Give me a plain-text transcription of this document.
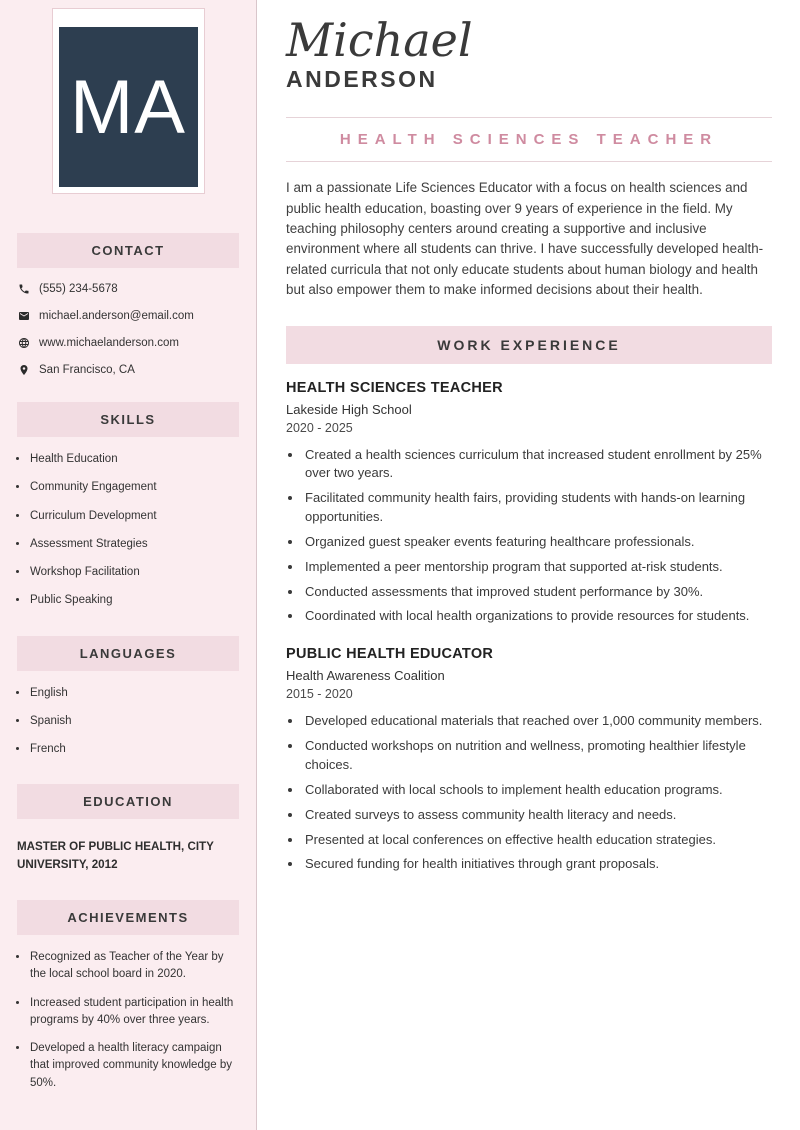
MA
CONTACT
(555) 234-5678
michael.anderson@email.com
www.michaelanderson.com
San Francisco, CA
SKILLS
• Health Education
• Community Engagement
• Curriculum Development
• Assessment Strategies
• Workshop Facilitation
• Public Speaking
LANGUAGES
• English
• Spanish
• French
EDUCATION
MASTER OF PUBLIC HEALTH, CITY UNIVERSITY, 2012
ACHIEVEMENTS
• Recognized as Teacher of the Year by the local school board in 2020.
• Increased student participation in health programs by 40% over three years.
• Developed a health literacy campaign that improved community knowledge by 50%.
Michael
ANDERSON
HEALTH SCIENCES TEACHER

I am a passionate Life Sciences Educator with a focus on health sciences and public health education, boasting over 9 years of experience in the field. My teaching philosophy centers around creating a supportive and inclusive environment where all students can thrive. I have successfully developed health-related curricula that not only educate students about human biology and health but also empower them to make informed decisions about their health.

WORK EXPERIENCE
HEALTH SCIENCES TEACHER
Lakeside High School
2020 - 2025
• Created a health sciences curriculum that increased student enrollment by 25% over two years.
• Facilitated community health fairs, providing students with hands-on learning opportunities.
• Organized guest speaker events featuring healthcare professionals.
• Implemented a peer mentorship program that supported at-risk students.
• Conducted assessments that improved student performance by 30%.
• Coordinated with local health organizations to provide resources for students.
PUBLIC HEALTH EDUCATOR
Health Awareness Coalition
2015 - 2020
• Developed educational materials that reached over 1,000 community members.
• Conducted workshops on nutrition and wellness, promoting healthier lifestyle choices.
• Collaborated with local schools to implement health education programs.
• Created surveys to assess community health literacy and needs.
• Presented at local conferences on effective health education strategies.
• Secured funding for health initiatives through grant proposals.
